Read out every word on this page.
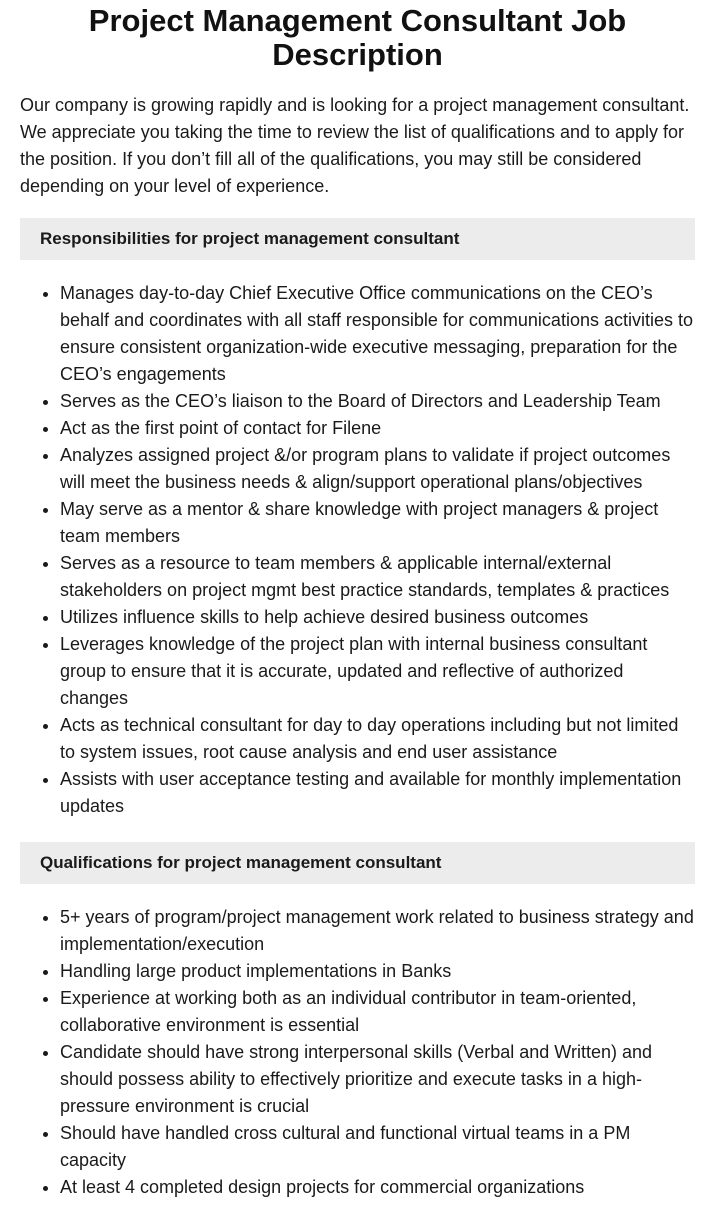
Project Management Consultant Job Description

Our company is growing rapidly and is looking for a project management consultant. We appreciate you taking the time to review the list of qualifications and to apply for the position. If you don’t fill all of the qualifications, you may still be considered depending on your level of experience.

Responsibilities for project management consultant
• Manages day-to-day Chief Executive Office communications on the CEO’s behalf and coordinates with all staff responsible for communications activities to ensure consistent organization-wide executive messaging, preparation for the CEO’s engagements
• Serves as the CEO’s liaison to the Board of Directors and Leadership Team
• Act as the first point of contact for Filene
• Analyzes assigned project &/or program plans to validate if project outcomes will meet the business needs & align/support operational plans/objectives
• May serve as a mentor & share knowledge with project managers & project team members
• Serves as a resource to team members & applicable internal/external stakeholders on project mgmt best practice standards, templates & practices
• Utilizes influence skills to help achieve desired business outcomes
• Leverages knowledge of the project plan with internal business consultant group to ensure that it is accurate, updated and reflective of authorized changes
• Acts as technical consultant for day to day operations including but not limited to system issues, root cause analysis and end user assistance
• Assists with user acceptance testing and available for monthly implementation updates
Qualifications for project management consultant
• 5+ years of program/project management work related to business strategy and implementation/execution
• Handling large product implementations in Banks
• Experience at working both as an individual contributor in team-oriented, collaborative environment is essential
• Candidate should have strong interpersonal skills (Verbal and Written) and should possess ability to effectively prioritize and execute tasks in a high-pressure environment is crucial
• Should have handled cross cultural and functional virtual teams in a PM capacity
• At least 4 completed design projects for commercial organizations
